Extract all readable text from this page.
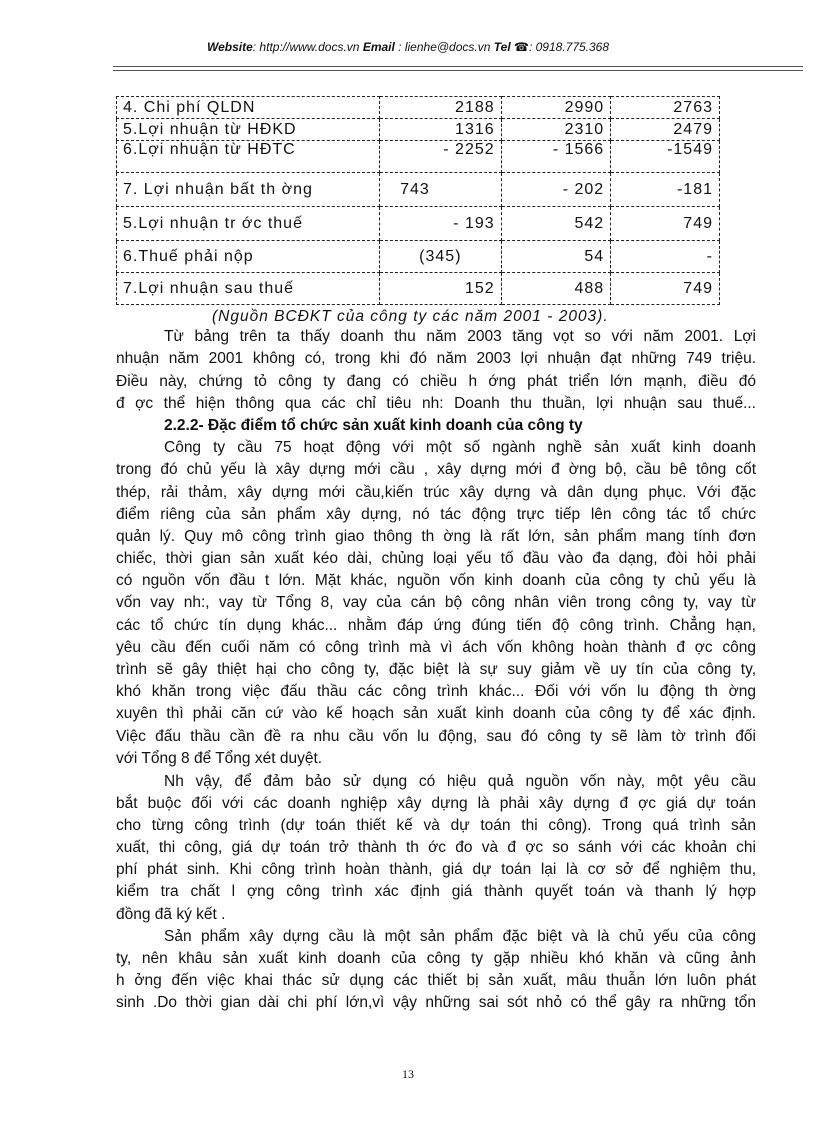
Website: http://www.docs.vn Email : lienhe@docs.vn Tel ☎: 0918.775.368
4. Chi phí QLDN	2188	2990	2763
5.Lợi nhuận từ HĐKD	1316	2310	2479
6.Lợi nhuận từ HĐTC	- 2252	- 1566	-1549
7. Lợi nhuận bất th ờng	743	- 202	-181
5.Lợi nhuận tr ớc thuế	- 193	542	749
6.Thuế phải nộp	(345)	54	-
7.Lợi nhuận sau thuế	152	488	749
(Nguồn BCĐKT của công ty các năm 2001 - 2003).
Từ bảng trên ta thấy doanh thu năm 2003 tăng vọt so với năm 2001. Lợi
nhuận năm 2001 không có, trong khi đó năm 2003 lợi nhuận đạt những 749 triệu.
Điều này, chứng tỏ công ty đang có chiều h ớng phát triển lớn mạnh, điều đó
đ ợc thể hiện thông qua các chỉ tiêu nh: Doanh thu thuần, lợi nhuận sau thuế...
2.2.2- Đặc điểm tổ chức sản xuất kinh doanh của công ty
Công ty cầu 75 hoạt động với một số ngành nghề sản xuất kinh doanh
trong đó chủ yếu là xây dựng mới cầu , xây dựng mới đ ờng bộ, cầu bê tông cốt
thép, rải thảm, xây dựng mới cầu,kiến trúc xây dựng và dân dụng phục. Với đặc
điểm riêng của sản phẩm xây dựng, nó tác động trực tiếp lên công tác tổ chức
quản lý. Quy mô công trình giao thông th ờng là rất lớn, sản phẩm mang tính đơn
chiếc, thời gian sản xuất kéo dài, chủng loại yếu tố đầu vào đa dạng, đòi hỏi phải
có nguồn vốn đầu t lớn. Mặt khác, nguồn vốn kinh doanh của công ty chủ yếu là
vốn vay nh:, vay từ Tổng 8, vay của cán bộ công nhân viên trong công ty, vay từ
các tổ chức tín dụng khác... nhằm đáp ứng đúng tiến độ công trình. Chẳng hạn,
yêu cầu đến cuối năm có công trình mà vì ách vốn không hoàn thành đ ợc công
trình sẽ gây thiệt hại cho công ty, đặc biệt là sự suy giảm về uy tín của công ty,
khó khăn trong việc đấu thầu các công trình khác... Đối với vốn lu động th ờng
xuyên thì phải căn cứ vào kế hoạch sản xuất kinh doanh của công ty để xác định.
Việc đấu thầu cần đề ra nhu cầu vốn lu động, sau đó công ty sẽ làm tờ trình đối
với Tổng 8 để Tổng xét duyệt.
Nh vậy, để đảm bảo sử dụng có hiệu quả nguồn vốn này, một yêu cầu
bắt buộc đối với các doanh nghiệp xây dựng là phải xây dựng đ ợc giá dự toán
cho từng công trình (dự toán thiết kế và dự toán thi công). Trong quá trình sản
xuất, thi công, giá dự toán trở thành th ớc đo và đ ợc so sánh với các khoản chi
phí phát sinh. Khi công trình hoàn thành, giá dự toán lại là cơ sở để nghiệm thu,
kiểm tra chất l ợng công trình xác định giá thành quyết toán và thanh lý hợp
đồng đã ký kết .
Sản phẩm xây dựng cầu là một sản phẩm đặc biệt và là chủ yếu của công
ty, nên khâu sản xuất kinh doanh của công ty gặp nhiều khó khăn và cũng ảnh
h ởng đến việc khai thác sử dụng các thiết bị sản xuất, mâu thuẫn lớn luôn phát
sinh .Do thời gian dài chi phí lớn,vì vậy những sai sót nhỏ có thể gây ra những tổn
13
